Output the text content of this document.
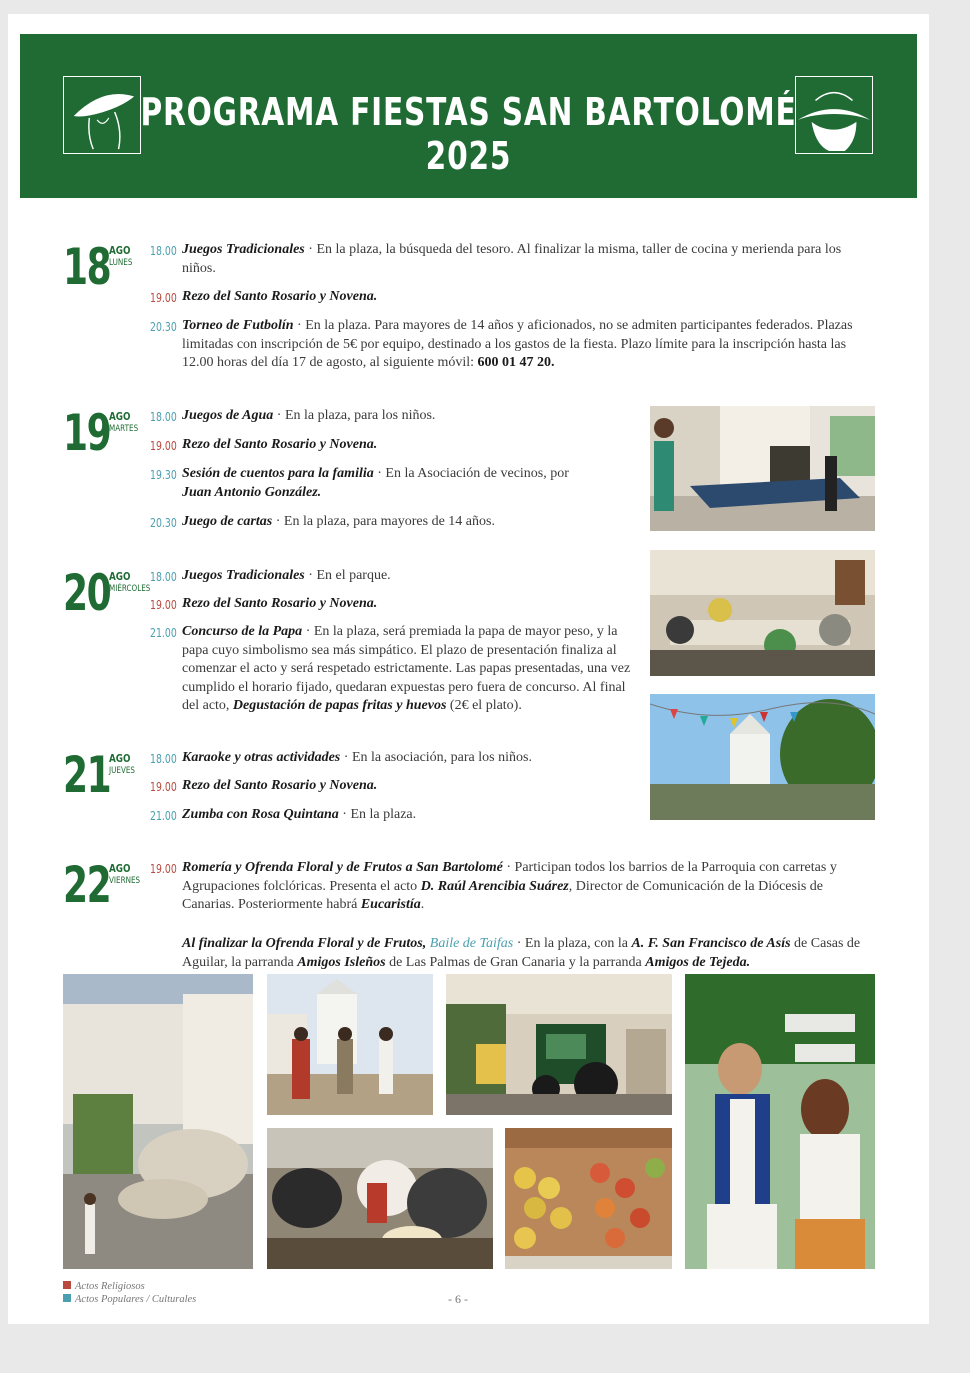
PROGRAMA FIESTAS SAN BARTOLOMÉ 2025
18
AGO
LUNES
18.00 Juegos Tradicionales · En la plaza, la búsqueda del tesoro. Al finalizar la misma, taller de cocina y merienda para los niños.
19.00 Rezo del Santo Rosario y Novena.
20.30 Torneo de Futbolín · En la plaza. Para mayores de 14 años y aficionados, no se admiten participantes federados. Plazas limitadas con inscripción de 5€ por equipo, destinado a los gastos de la fiesta. Plazo límite para la inscripción hasta las 12.00 horas del día 17 de agosto, al siguiente móvil: 600 01 47 20.
19
AGO
MARTES
18.00 Juegos de Agua · En la plaza, para los niños.
19.00 Rezo del Santo Rosario y Novena.
19.30 Sesión de cuentos para la familia · En la Asociación de vecinos, por
Juan Antonio González.
20.30 Juego de cartas · En la plaza, para mayores de 14 años.
20
AGO
MIÉRCOLES
18.00 Juegos Tradicionales · En el parque.
19.00 Rezo del Santo Rosario y Novena.
21.00 Concurso de la Papa · En la plaza, será premiada la papa de mayor peso, y la papa cuyo simbolismo sea más simpático. El plazo de presentación finaliza al comenzar el acto y será respetado estrictamente. Las papas presentadas, una vez cumplido el horario fijado, quedaran expuestas pero fuera de concurso. Al final del acto, Degustación de papas fritas y huevos (2€ el plato).
21
AGO
JUEVES
18.00 Karaoke y otras actividades · En la asociación, para los niños.
19.00 Rezo del Santo Rosario y Novena.
21.00 Zumba con Rosa Quintana · En la plaza.
22
AGO
VIERNES
19.00 Romería y Ofrenda Floral y de Frutos a San Bartolomé · Participan todos los barrios de la Parroquia con carretas y Agrupaciones folclóricas. Presenta el acto D. Raúl Arencibia Suárez, Director de Comunicación de la Diócesis de Canarias. Posteriormente habrá Eucaristía.
Al finalizar la Ofrenda Floral y de Frutos, Baile de Taifas · En la plaza, con la A. F. San Francisco de Asís de Casas de Aguilar, la parranda Amigos Isleños de Las Palmas de Gran Canaria y la parranda Amigos de Tejeda.
Actos Religiosos
Actos Populares / Culturales	- 6 -
